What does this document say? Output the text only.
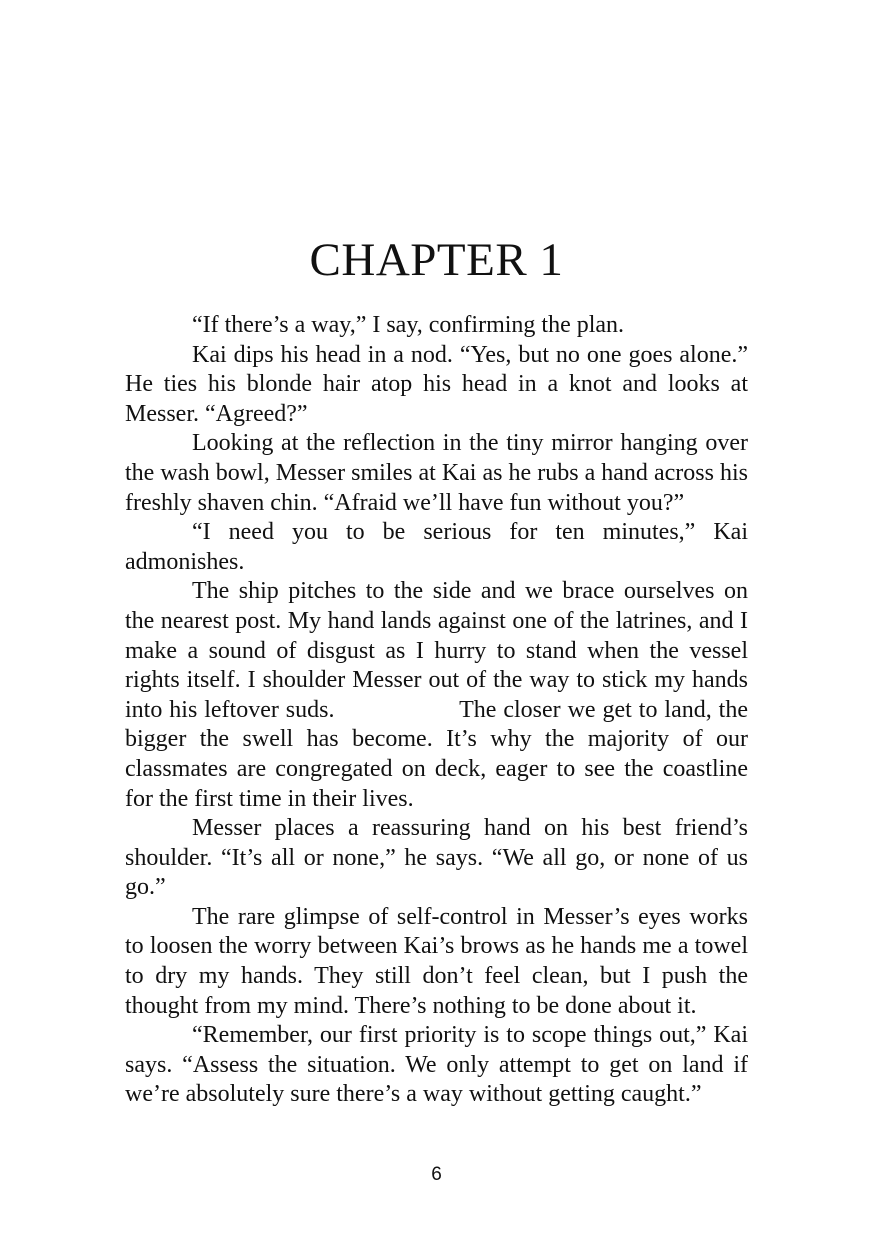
CHAPTER 1

“If there’s a way,” I say, confirming the plan.

Kai dips his head in a nod. “Yes, but no one goes alone.” He ties his blonde hair atop his head in a knot and looks at Messer. “Agreed?”

Looking at the reflection in the tiny mirror hanging over the wash bowl, Messer smiles at Kai as he rubs a hand across his freshly shaven chin. “Afraid we’ll have fun without you?”

“I need you to be serious for ten minutes,” Kai admonishes.

The ship pitches to the side and we brace ourselves on the nearest post. My hand lands against one of the latrines, and I make a sound of disgust as I hurry to stand when the vessel rights itself. I shoulder Messer out of the way to stick my hands into his leftover suds.                  The closer we get to land, the bigger the swell has become. It’s why the majority of our classmates are congregated on deck, eager to see the coastline for the first time in their lives.

Messer places a reassuring hand on his best friend’s shoulder. “It’s all or none,” he says. “We all go, or none of us go.”

The rare glimpse of self-control in Messer’s eyes works to loosen the worry between Kai’s brows as he hands me a towel to dry my hands. They still don’t feel clean, but I push the thought from my mind. There’s nothing to be done about it.

“Remember, our first priority is to scope things out,” Kai says. “Assess the situation. We only attempt to get on land if we’re absolutely sure there’s a way without getting caught.”

6
